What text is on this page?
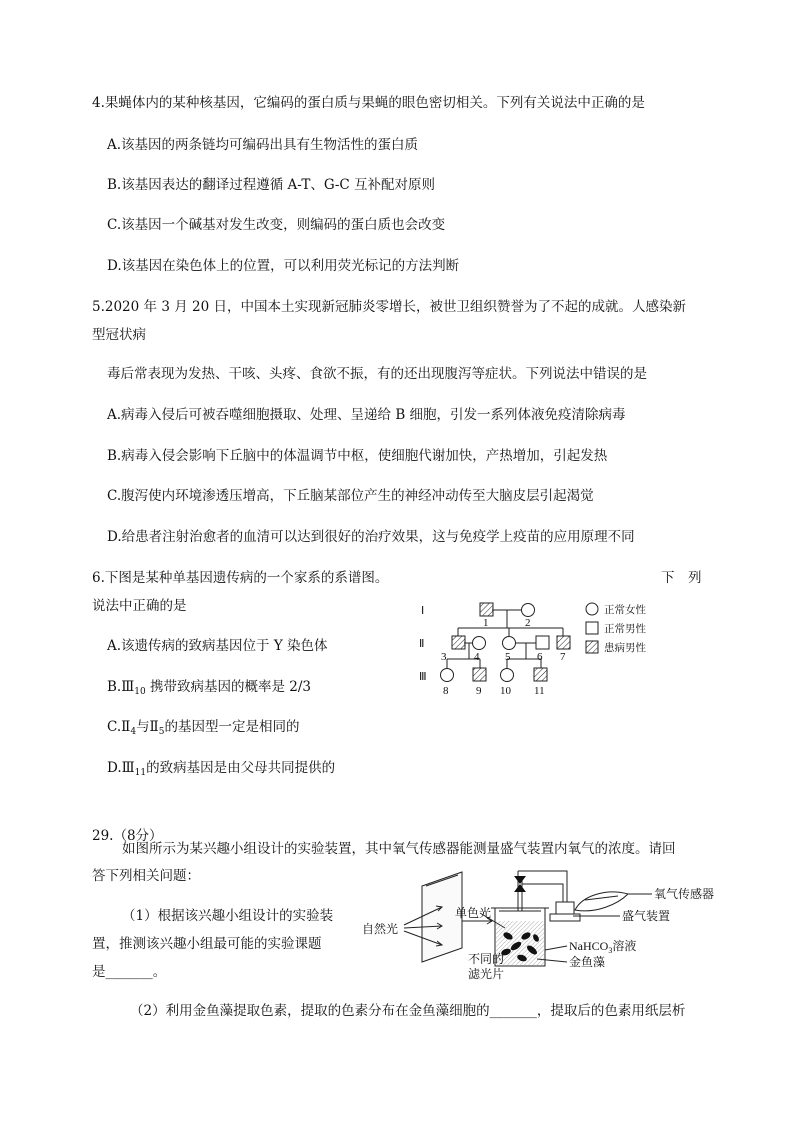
4.果蝇体内的某种核基因，它编码的蛋白质与果蝇的眼色密切相关。下列有关说法中正确的是
A.该基因的两条链均可编码出具有生物活性的蛋白质
B.该基因表达的翻译过程遵循 A-T、G-C 互补配对原则
C.该基因一个碱基对发生改变，则编码的蛋白质也会改变
D.该基因在染色体上的位置，可以利用荧光标记的方法判断
5.2020 年 3 月 20 日，中国本土实现新冠肺炎零增长，被世卫组织赞誉为了不起的成就。人感染新
型冠状病
毒后常表现为发热、干咳、头疼、食欲不振，有的还出现腹泻等症状。下列说法中错误的是
A.病毒入侵后可被吞噬细胞摄取、处理、呈递给 B 细胞，引发一系列体液免疫清除病毒
B.病毒入侵会影响下丘脑中的体温调节中枢，使细胞代谢加快，产热增加，引起发热
C.腹泻使内环境渗透压增高，下丘脑某部位产生的神经冲动传至大脑皮层引起渴觉
D.给患者注射治愈者的血清可以达到很好的治疗效果，这与免疫学上疫苗的应用原理不同
6.下图是某种单基因遗传病的一个家系的系谱图。	下　列
说法中正确的是
A.该遗传病的致病基因位于 Y 染色体
$B.Ⅲ_{10}$ 携带致病基因的概率是 2/3
$C.Ⅱ_4$与$Ⅱ_5$的基因型一定是相同的
$D.Ⅲ_{11}$的致病基因是由父母共同提供的
Ⅰ
Ⅱ
Ⅲ
1	2
3	4 5 6 7
8	9 10 11
正常女性
正常男性
患病男性
29.（8分）
如图所示为某兴趣小组设计的实验装置，其中氧气传感器能测量盛气装置内氧气的浓度。请回
答下列相关问题：
（1）根据该兴趣小组设计的实验装
置，推测该兴趣小组最可能的实验课题
是_______。
（2）利用金鱼藻提取色素，提取的色素分布在金鱼藻细胞的_______，提取后的色素用纸层析
自然光
单色光
不同的
滤光片
氧气传感器
盛气装置
NaHCO$_3$溶液
金鱼藻
